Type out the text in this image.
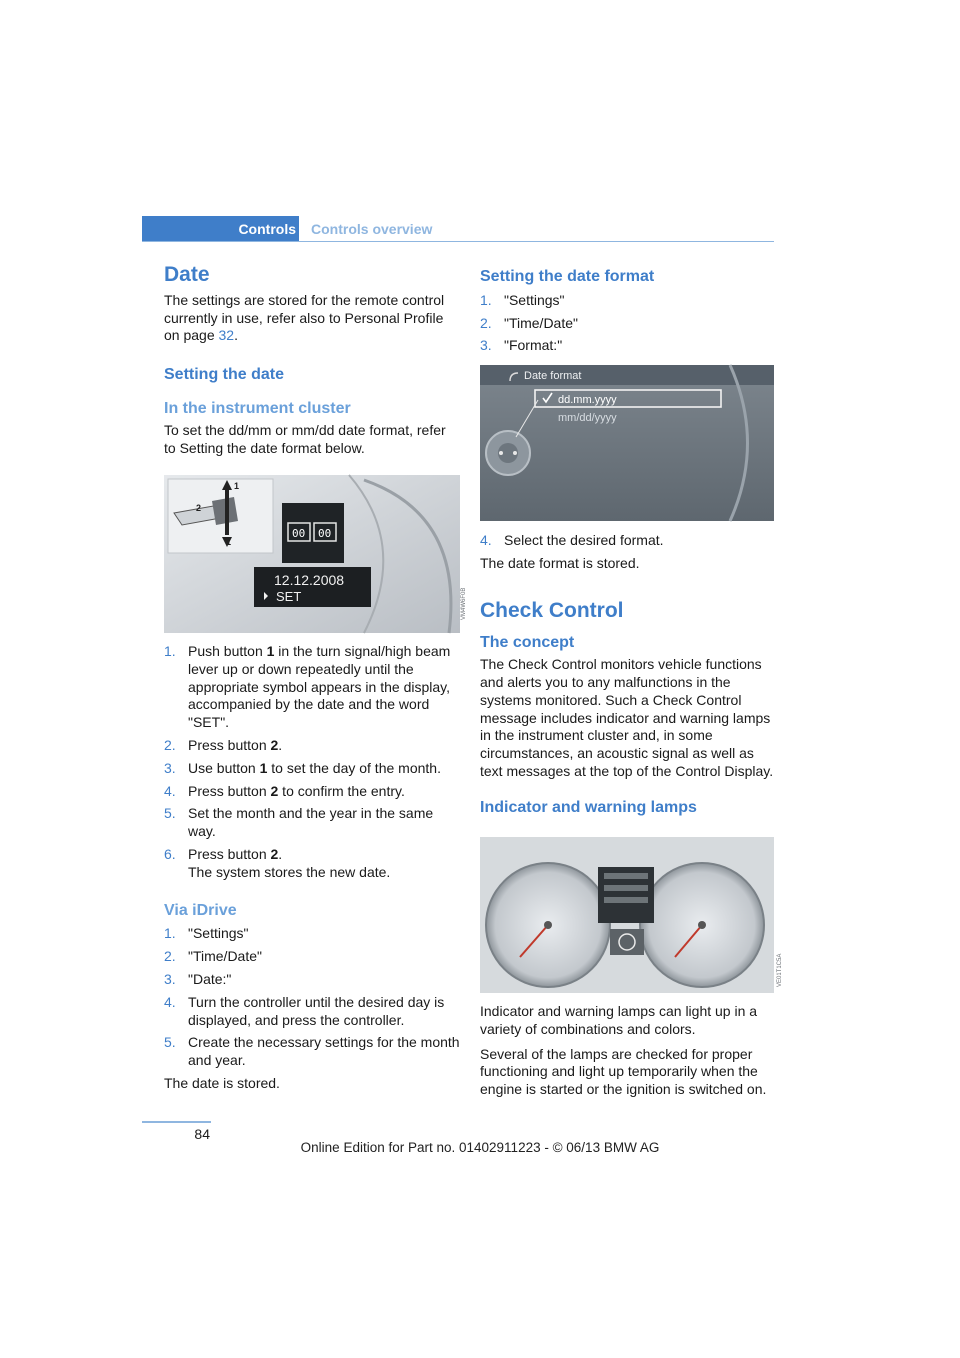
Controls Controls overview
Date

The settings are stored for the remote control currently in use, refer also to Personal Profile on page 32.

Setting the date
In the instrument cluster

To set the dd/mm or mm/dd date format, refer to Setting the date format below.

1
1
2
00 00
12.12.2008
SET	VM4W6F0B
1. Push button 1 in the turn signal/high beam lever up or down repeatedly until the appropriate symbol appears in the display, accompanied by the date and the word "SET".
2. Press button 2.
3. Use button 1 to set the day of the month.
4. Press button 2 to confirm the entry.
5. Set the month and the year in the same way.
6. Press button 2.
The system stores the new date.
Via iDrive
1. "Settings"
2. "Time/Date"
3. "Date:"
4. Turn the controller until the desired day is displayed, and press the controller.
5. Create the necessary settings for the month and year.

The date is stored.

Setting the date format
1. "Settings"
2. "Time/Date"
3. "Format:"
Date format
dd.mm.yyyy
mm/dd/yyyy
4. Select the desired format.

The date format is stored.

Check Control
The concept

The Check Control monitors vehicle functions and alerts you to any malfunctions in the systems monitored. Such a Check Control message includes indicator and warning lamps in the instrument cluster and, in some circumstances, an acoustic signal as well as text messages at the top of the Control Display.

Indicator and warning lamps
VE01T1C5A

Indicator and warning lamps can light up in a variety of combinations and colors.

Several of the lamps are checked for proper functioning and light up temporarily when the engine is started or the ignition is switched on.

84
Online Edition for Part no. 01402911223 - © 06/13 BMW AG
